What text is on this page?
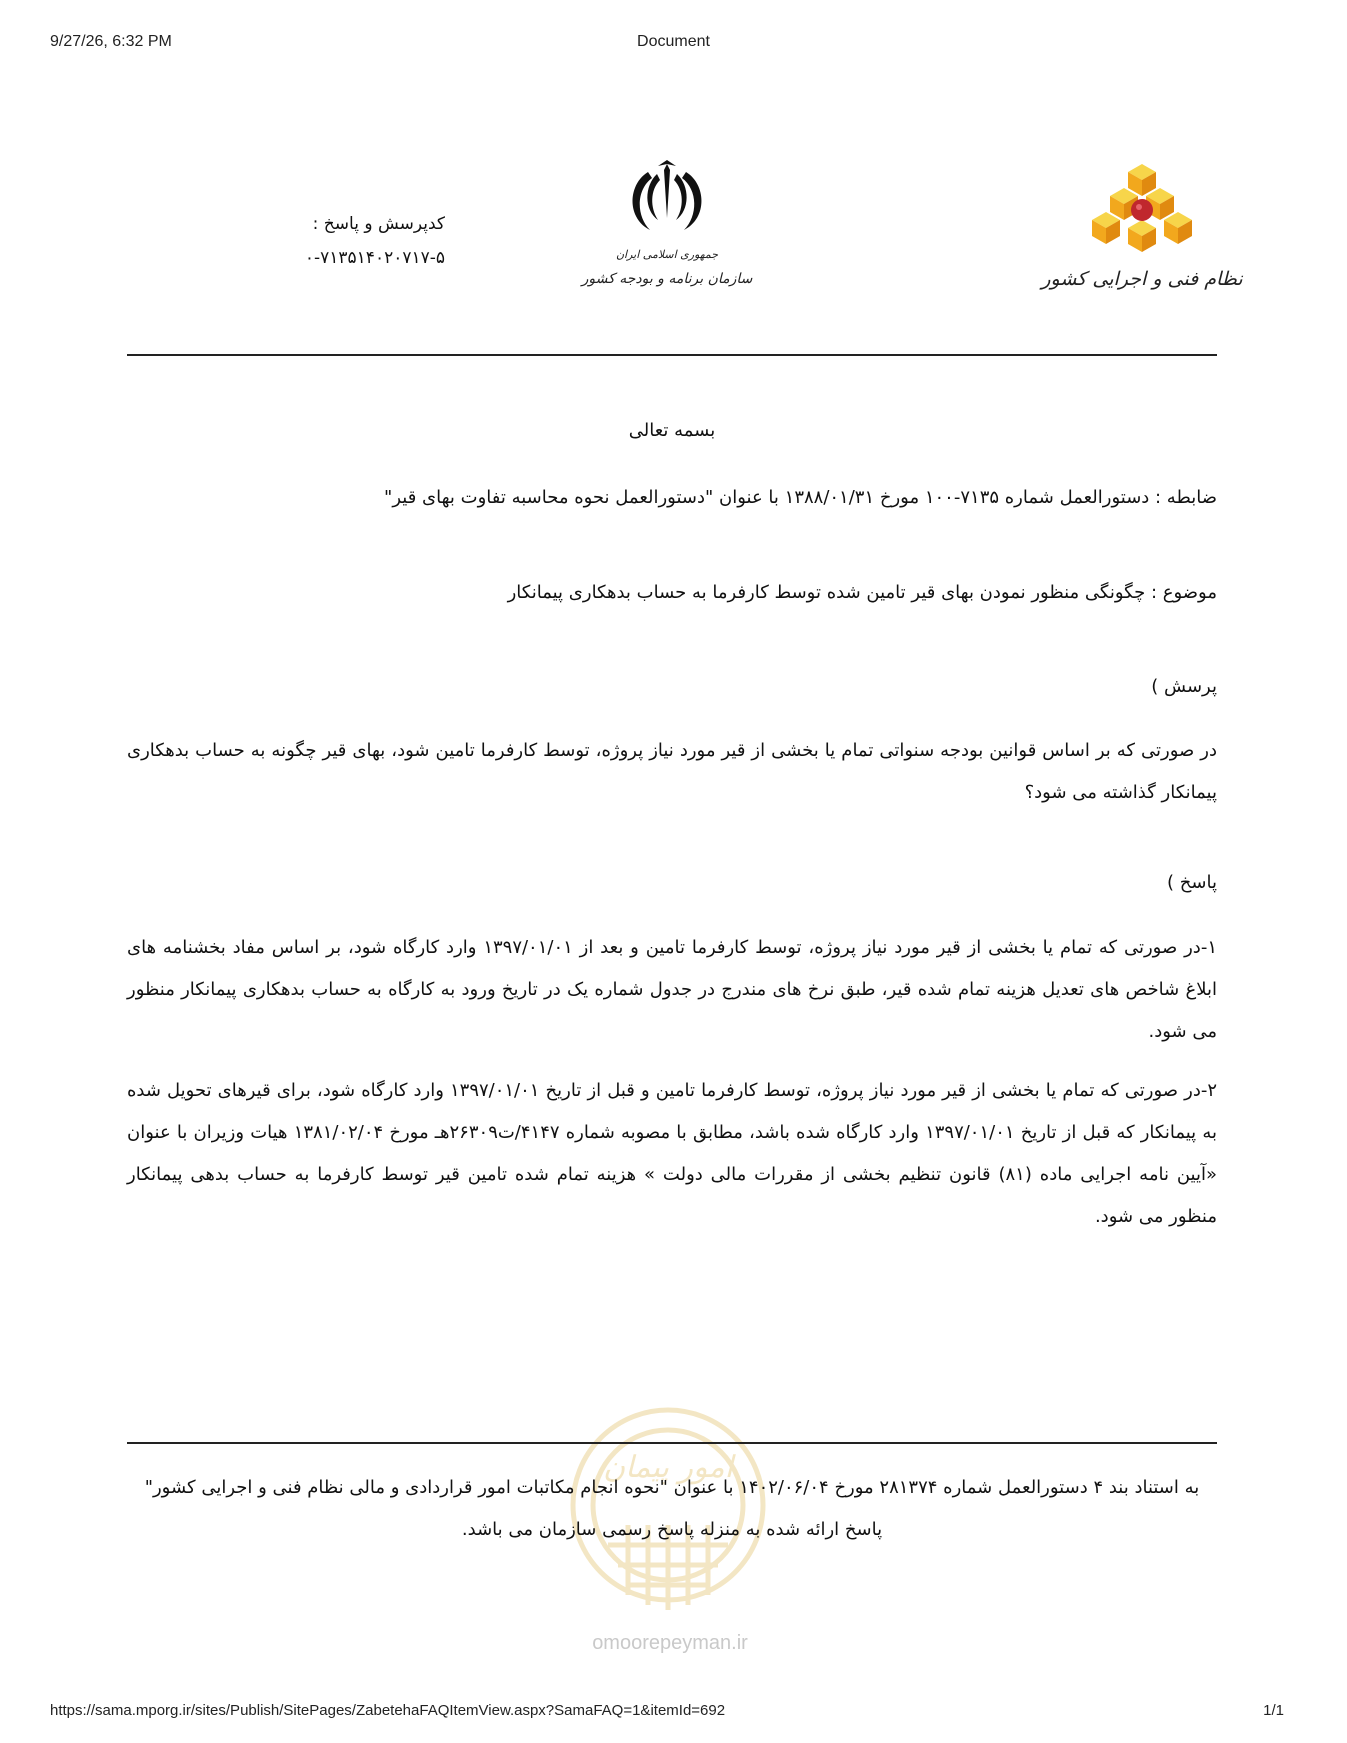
9/27/26, 6:32 PM	Document
نظام فنی و اجرایی کشور
جمهوری اسلامی ایران
سازمان برنامه و بودجه کشور
کدپرسش و پاسخ :
۰-۷۱۳۵۱۴۰۲۰۷۱۷-۵
بسمه تعالی
ضابطه : دستورالعمل شماره ۷۱۳۵-۱۰۰ مورخ ۱۳۸۸/۰۱/۳۱ با عنوان "دستورالعمل نحوه محاسبه تفاوت بهای قیر"
موضوع : چگونگی منظور نمودن بهای قیر تامین شده توسط کارفرما به حساب بدهکاری پیمانکار
پرسش )
در صورتی که بر اساس قوانین بودجه سنواتی تمام یا بخشی از قیر مورد نیاز پروژه، توسط کارفرما تامین شود، بهای قیر چگونه به حساب بدهکاری پیمانکار گذاشته می شود؟
پاسخ )
۱-در صورتی که تمام یا بخشی از قیر مورد نیاز پروژه، توسط کارفرما تامین و بعد از ۱۳۹۷/۰۱/۰۱ وارد کارگاه شود، بر اساس مفاد بخشنامه های ابلاغ شاخص های تعدیل هزینه تمام شده قیر، طبق نرخ های مندرج در جدول شماره یک در تاریخ ورود به کارگاه به حساب بدهکاری پیمانکار منظور می شود.
۲-در صورتی که تمام یا بخشی از قیر مورد نیاز پروژه، توسط کارفرما تامین و قبل از تاریخ ۱۳۹۷/۰۱/۰۱ وارد کارگاه شود، برای قیرهای تحویل شده به پیمانکار که قبل از تاریخ ۱۳۹۷/۰۱/۰۱ وارد کارگاه شده باشد، مطابق با مصوبه شماره ۴۱۴۷/ت۲۶۳۰۹هـ مورخ ۱۳۸۱/۰۲/۰۴ هیات وزیران با عنوان «آیین نامه اجرایی ماده (۸۱) قانون تنظیم بخشی از مقررات مالی دولت » هزینه تمام شده تامین قیر توسط کارفرما به حساب بدهی پیمانکار منظور می شود.
امور پیمان
omoorepeyman.ir
به استناد بند ۴ دستورالعمل شماره ۲۸۱۳۷۴ مورخ ۱۴۰۲/۰۶/۰۴ با عنوان "نحوه انجام مکاتبات امور قراردادی و مالی نظام فنی و اجرایی کشور" پاسخ ارائه شده به منزله پاسخ رسمی سازمان می باشد.
https://sama.mporg.ir/sites/Publish/SitePages/ZabetehaFAQItemView.aspx?SamaFAQ=1&itemId=692	1/1
